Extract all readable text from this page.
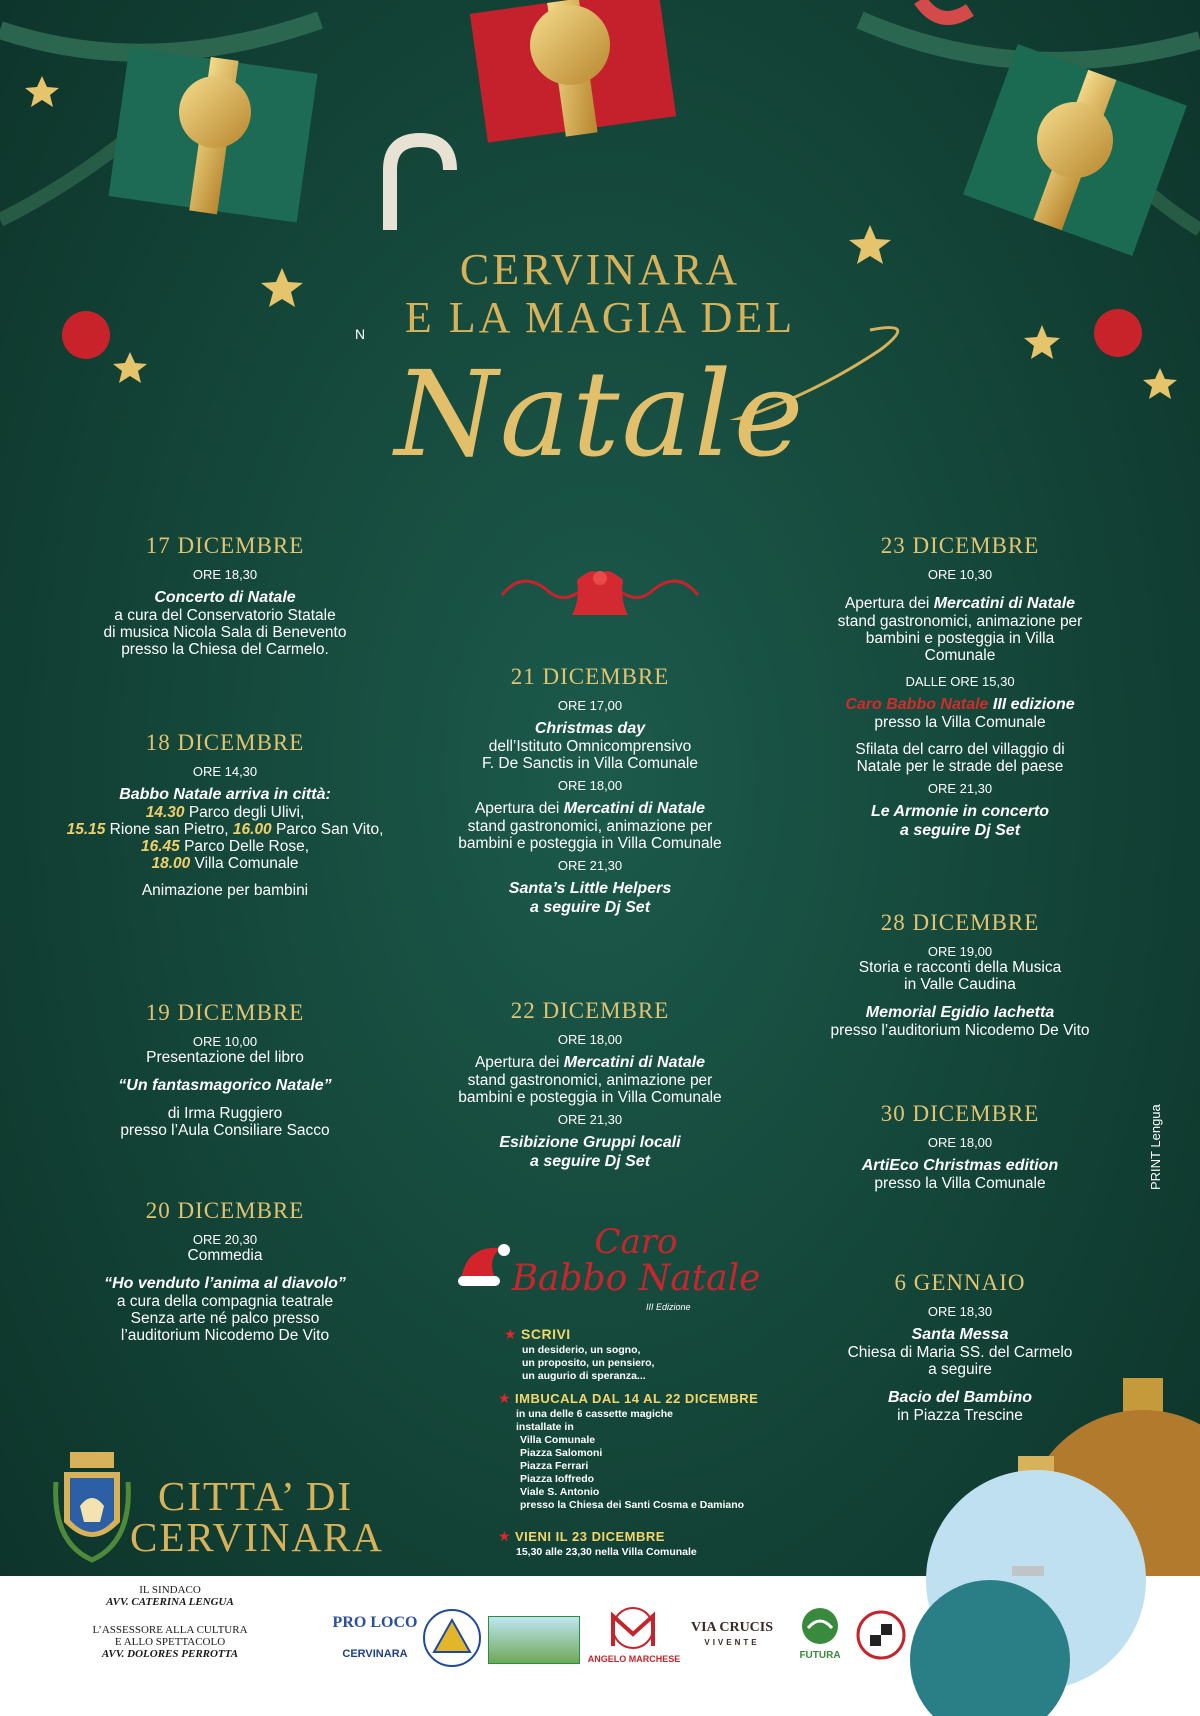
CERVINARA
E LA MAGIA DEL
N
Natale
17 DICEMBRE
ORE 18,30
Concerto di Natale
a cura del Conservatorio Statale
di musica Nicola Sala di Benevento
presso la Chiesa del Carmelo.
18 DICEMBRE
ORE 14,30
Babbo Natale arriva in città:
14.30 Parco degli Ulivi,
15.15 Rione san Pietro, 16.00 Parco San Vito,
16.45 Parco Delle Rose,
18.00 Villa Comunale
Animazione per bambini
19 DICEMBRE
ORE 10,00
Presentazione del libro
“Un fantasmagorico Natale”
di Irma Ruggiero
presso l’Aula Consiliare Sacco
20 DICEMBRE
ORE 20,30
Commedia
“Ho venduto l’anima al diavolo”
a cura della compagnia teatrale
Senza arte né palco presso
l’auditorium Nicodemo De Vito
21 DICEMBRE
ORE 17,00
Christmas day
dell’Istituto Omnicomprensivo
F. De Sanctis in Villa Comunale
ORE 18,00
Apertura dei Mercatini di Natale
stand gastronomici, animazione per
bambini e posteggia in Villa Comunale
ORE 21,30
Santa’s Little Helpers
a seguire Dj Set
22 DICEMBRE
ORE 18,00
Apertura dei Mercatini di Natale
stand gastronomici, animazione per
bambini e posteggia in Villa Comunale
ORE 21,30
Esibizione Gruppi locali
a seguire Dj Set
23 DICEMBRE
ORE 10,30
Apertura dei Mercatini di Natale
stand gastronomici, animazione per
bambini e posteggia in Villa
Comunale
DALLE ORE 15,30
Caro Babbo Natale III edizione
presso la Villa Comunale
Sfilata del carro del villaggio di
Natale per le strade del paese
ORE 21,30
Le Armonie in concerto
a seguire Dj Set
28 DICEMBRE
ORE 19,00
Storia e racconti della Musica
in Valle Caudina
Memorial Egidio Iachetta
presso l’auditorium Nicodemo De Vito
30 DICEMBRE
ORE 18,00
ArtiEco Christmas edition
presso la Villa Comunale
6 GENNAIO
ORE 18,30
Santa Messa
Chiesa di Maria SS. del Carmelo
a seguire
Bacio del Bambino
in Piazza Trescine
Caro
Babbo Natale
III Edizione
★ SCRIVI
un desiderio, un sogno,
un proposito, un pensiero,
un augurio di speranza...
★ IMBUCALA DAL 14 AL 22 DICEMBRE
in una delle 6 cassette magiche
installate in
Villa Comunale
Piazza Salomoni
Piazza Ferrari
Piazza Ioffredo
Viale S. Antonio
presso la Chiesa dei Santi Cosma e Damiano
★ VIENI IL 23 DICEMBRE
15,30 alle 23,30 nella Villa Comunale
PRINT Lengua
CITTA’ DI
CERVINARA
IL SINDACO
AVV. CATERINA LENGUA
L’ASSESSORE ALLA CULTURA
E ALLO SPETTACOLO
AVV. DOLORES PERROTTA
PRO LOCO
CERVINARA	ANGELO MARCHESE
VIA CRUCIS
VIVENTE
FUTURA
